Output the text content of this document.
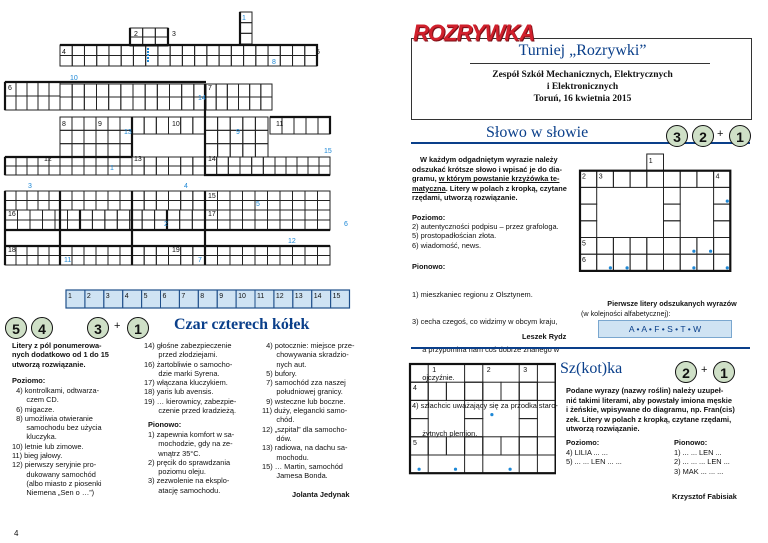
1
2	3
4	5
6	7
8	9	10	11
12	13	14
15
16	17
18	19
8
10
14
13	9
15
1
3	4
5
2	6
12
11	7
1 2 3 4 5 6 7 8 9 10 11 12 13 14 15
5	4	3	+ 1	Czar czterech kółek
Litery z pól ponumerowa-
nych dodatkowo od 1 do 15
utworzą rozwiązanie.
Poziomo:
4) kontrolkami, odtwarza-
czem CD.
6) migacze.
8) umożliwia otwieranie
samochodu bez użycia
kluczyka.
10) letnie lub zimowe.
11) bieg jałowy.
12) pierwszy seryjnie pro-
dukowany samochód
(albo miasto z piosenki
Niemena „Sen o …”)
14) głośne zabezpieczenie
przed złodziejami.
16) żartobliwie o samocho-
dzie marki Syrena.
17) włączana kluczykiem.
18) yaris lub avensis.
19) … kierownicy, zabezpie-
czenie przed kradzieżą.
Pionowo:
1) zapewnia komfort w sa-
mochodzie, gdy na ze-
wnątrz 35°C.
2) pręcik do sprawdzania
poziomu oleju.
3) zezwolenie na eksplo-
atację samochodu.
4) potocznie: miejsce prze-
chowywania skradzio-
nych aut.
5) bufory.
7) samochód zza naszej
południowej granicy.
9) wsteczne lub boczne.
11) duży, elegancki samo-
chód.
12) „szpital” dla samocho-
dów.
13) radiowa, na dachu sa-
mochodu.
15) … Martin, samochód
Jamesa Bonda.
Jolanta Jedynak
4
ROZRYWKA
Turniej „Rozrywki”
Zespół Szkół Mechanicznych, Elektrycznych
i Elektronicznych
Toruń, 16 kwietnia 2015
Słowo w słowie	3	2 + 1
W każdym odgadniętym wyrazie należy
odszukać krótsze słowo i wpisać je do dia-
gramu, w którym powstanie krzyżówka te-
matyczna. Litery w polach z kropką, czytane
rzędami, utworzą rozwiązanie.
Poziomo:
2) autentyczności podpisu – przez grafologa.
5) prostopadłościan złota.
6) wiadomość, news.
Pionowo:

1) mieszkaniec regionu z Olsztynem.

3) cecha czegoś, co widzimy w obcym kraju,

a przypomina nam coś dobrze znanego w

ojczyźnie.

4) szlachcic uważający się za przodka staro-

żytnych plemion.

Leszek Rydz
1
2 3	4
5
6
Pierwsze litery odszukanych wyrazów
(w kolejności alfabetycznej):
A • A • F • S • T • W
Sz(kot)ka	2	+ 1
1	2	3
4
5
Podane wyrazy (nazwy roślin) należy uzupeł-
nić takimi literami, aby powstały imiona męskie
i żeńskie, wpisywane do diagramu, np. Fran(cis)
zek. Litery w polach z kropką, czytane rzędami,
utworzą rozwiązanie.
Poziomo:
4) LILIA ... ...
5) ... ... LEN ... ...
Pionowo:
1) ... ... LEN ...
2) ... ... ... LEN ...
3) MAK ... ... ...
Krzysztof Fabisiak
